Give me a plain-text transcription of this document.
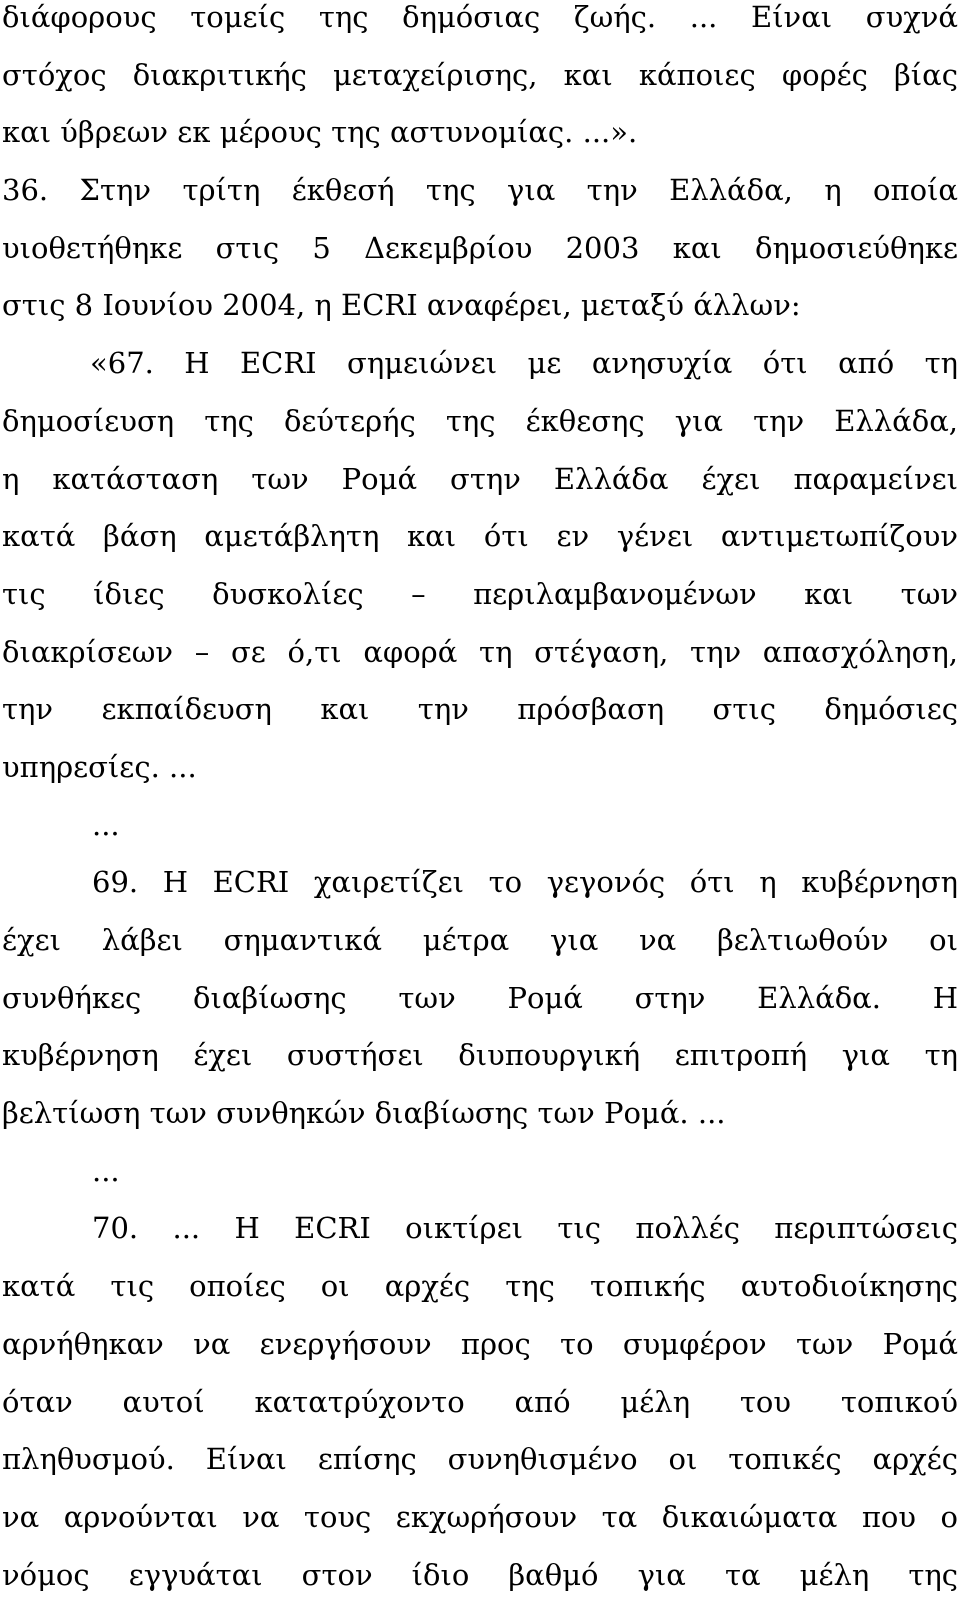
διάφορους τομείς της δημόσιας ζωής. ... Είναι συχνά
στόχος διακριτικής μεταχείρισης, και κάποιες φορές βίας
και ύβρεων εκ μέρους της αστυνομίας. ...».
36. Στην τρίτη έκθεσή της για την Ελλάδα, η οποία
υιοθετήθηκε στις 5 Δεκεμβρίου 2003 και δημοσιεύθηκε
στις 8 Ιουνίου 2004, η ECRI αναφέρει, μεταξύ άλλων:
«67. Η ECRI σημειώνει με ανησυχία ότι από τη
δημοσίευση της δεύτερής της έκθεσης για την Ελλάδα,
η κατάσταση των Ρομά στην Ελλάδα έχει παραμείνει
κατά βάση αμετάβλητη και ότι εν γένει αντιμετωπίζουν
τις ίδιες δυσκολίες – περιλαμβανομένων και των
διακρίσεων – σε ό,τι αφορά τη στέγαση, την απασχόληση,
την εκπαίδευση και την πρόσβαση στις δημόσιες
υπηρεσίες. ...
...
69. Η ECRI χαιρετίζει το γεγονός ότι η κυβέρνηση
έχει λάβει σημαντικά μέτρα για να βελτιωθούν οι
συνθήκες διαβίωσης των Ρομά στην Ελλάδα. Η
κυβέρνηση έχει συστήσει διυπουργική επιτροπή για τη
βελτίωση των συνθηκών διαβίωσης των Ρομά. ...
...
70. ... Η ECRI οικτίρει τις πολλές περιπτώσεις
κατά τις οποίες οι αρχές της τοπικής αυτοδιοίκησης
αρνήθηκαν να ενεργήσουν προς το συμφέρον των Ρομά
όταν αυτοί κατατρύχοντο από μέλη του τοπικού
πληθυσμού. Είναι επίσης συνηθισμένο οι τοπικές αρχές
να αρνούνται να τους εκχωρήσουν τα δικαιώματα που ο
νόμος εγγυάται στον ίδιο βαθμό για τα μέλη της
